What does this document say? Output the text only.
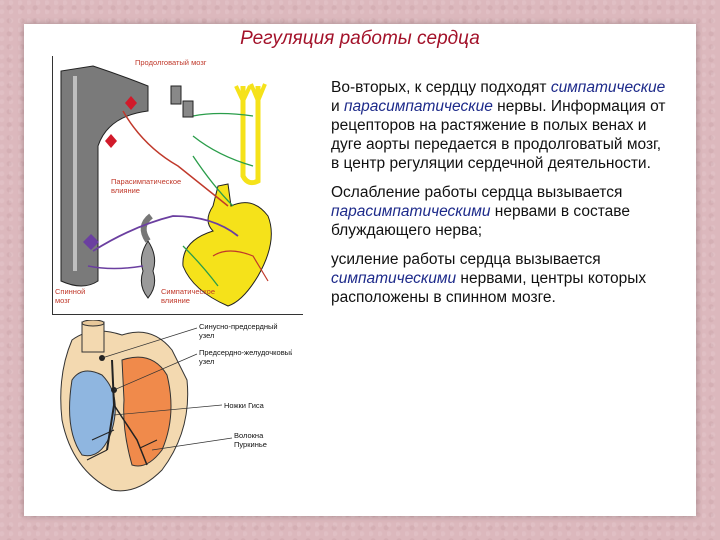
Регуляция работы сердца
Продолговатый мозг
Парасимпатическое
влияние
Спинной
мозг
Симпатическое
влияние
Синусно-предсердный
узел
Предсердно-желудочковый
узел
Ножки Гиса
Волокна
Пуркинье

Во-вторых, к сердцу подходят симпатические и парасимпатические нервы. Информация от рецепторов на растяжение в полых венах и дуге аорты передается в продолговатый мозг, в центр регуляции сердечной деятельности.

Ослабление работы сердца вызывается парасимпатическими нервами в составе блуждающего нерва;

усиление работы сердца вызывается симпатическими нервами, центры которых расположены в спинном мозге.
